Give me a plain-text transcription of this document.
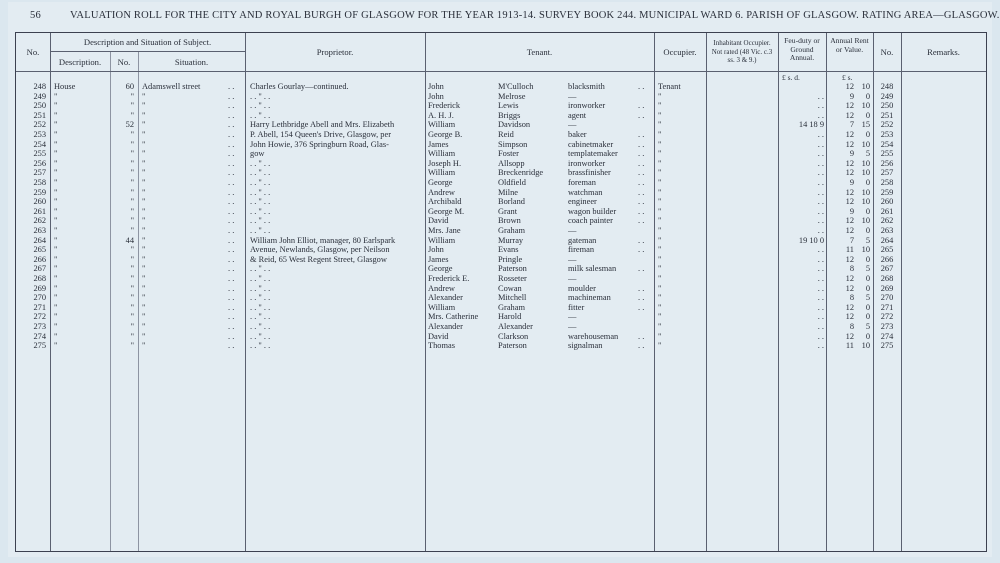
56	VALUATION ROLL FOR THE CITY AND ROYAL BURGH OF GLASGOW FOR THE YEAR 1913-14. SURVEY BOOK 244. MUNICIPAL WARD 6. PARISH OF GLASGOW. RATING AREA—GLASGOW.
No.
Description and Situation of Subject.
Description.	No.	Situation.
Proprietor.	Tenant.	Occupier.
Inhabitant Occupier. Not rated (48 Vic. c.3 ss. 3 & 9.)
Feu-duty or Ground Annual.
Annual Rent or Value.	No.	Remarks.
£ s. d.	£ s.
248 House	60 Adamswell street	. .	Charles Gourlay—continued.	John	M'Culloch	blacksmith	. .	Tenant	12 10	248
249 "	" "	. .	. . " . .	John	Melrose	—	"	. .	9	0	249
250 "	" "	. .	. . " . .	Frederick	Lewis	ironworker	. .	"	. .	12 10	250
251 "	" "	. .	. . " . .	A. H. J.	Briggs	agent	. .	"	. .	12	0	251
252 "	52 "	. .	Harry Lethbridge Abell and Mrs. Elizabeth	William	Davidson	—	"	14 18 9	7 15	252
253 "	" "	. .	P. Abell, 154 Queen's Drive, Glasgow, per	George B.	Reid	baker	. .	"	. .	12	0	253
254 "	" "	. .	John Howie, 376 Springburn Road, Glas-	James	Simpson	cabinetmaker	. .	"	. .	12 10	254
255 "	" "	. .	gow	William	Foster	templatemaker	. .	"	. .	9	5	255
256 "	" "	. .	. . " . .	Joseph H.	Allsopp	ironworker	. .	"	. .	12 10	256
257 "	" "	. .	. . " . .	William	Breckenridge	brassfinisher	. .	"	. .	12 10	257
258 "	" "	. .	. . " . .	George	Oldfield	foreman	. .	"	. .	9	0	258
259 "	" "	. .	. . " . .	Andrew	Milne	watchman	. .	"	. .	12 10	259
260 "	" "	. .	. . " . .	Archibald	Borland	engineer	. .	"	. .	12 10	260
261 "	" "	. .	. . " . .	George M.	Grant	wagon builder	. .	"	. .	9	0	261
262 "	" "	. .	. . " . .	David	Brown	coach painter	. .	"	. .	12 10	262
263 "	" "	. .	. . " . .	Mrs. Jane	Graham	—	"	. .	12	0	263
264 "	44 "	. .	William John Elliot, manager, 80 Earlspark	William	Murray	gateman	. .	"	19 10 0	7	5	264
265 "	" "	. .	Avenue, Newlands, Glasgow, per Neilson	John	Evans	fireman	. .	"	. .	11 10	265
266 "	" "	. .	& Reid, 65 West Regent Street, Glasgow	James	Pringle	—	"	. .	12	0	266
267 "	" "	. .	. . " . .	George	Paterson	milk salesman	. .	"	. .	8	5	267
268 "	" "	. .	. . " . .	Frederick E.	Rosseter	—	"	. .	12	0	268
269 "	" "	. .	. . " . .	Andrew	Cowan	moulder	. .	"	. .	12	0	269
270 "	" "	. .	. . " . .	Alexander	Mitchell	machineman	. .	"	. .	8	5	270
271 "	" "	. .	. . " . .	William	Graham	fitter	. .	"	. .	12	0	271
272 "	" "	. .	. . " . .	Mrs. Catherine	Harold	—	"	. .	12	0	272
273 "	" "	. .	. . " . .	Alexander	Alexander	—	"	. .	8	5	273
274 "	" "	. .	. . " . .	David	Clarkson	warehouseman	. .	"	. .	12	0	274
275 "	" "	. .	. . " . .	Thomas	Paterson	signalman	. .	"	. .	11 10	275
